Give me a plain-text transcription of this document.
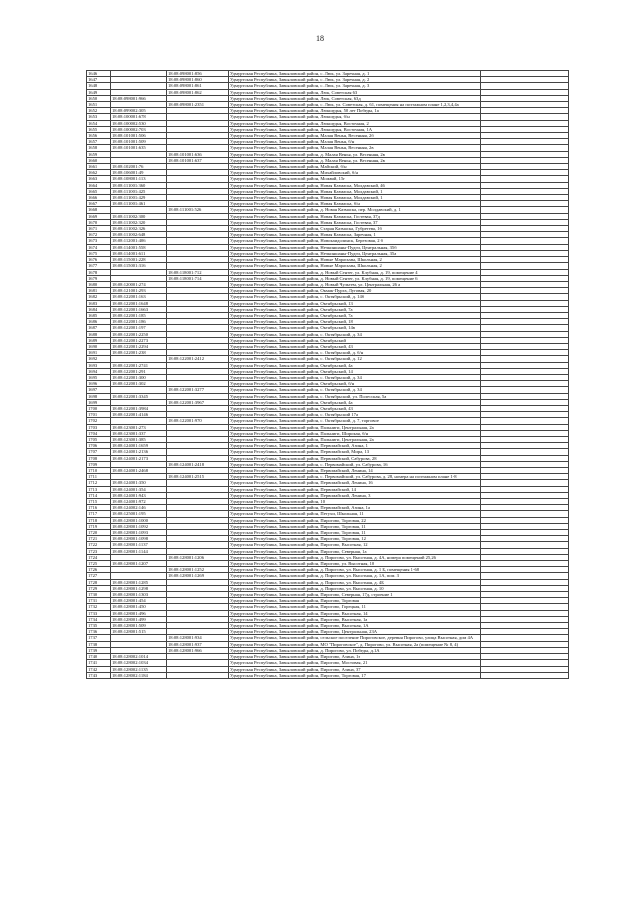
18
1646		18:08:098001:856	Удмуртская Республика, Завьяловский район, с. Люк, ул. Заречная, д. 1	
1647		18:08:098001:860	Удмуртская Республика, Завьяловский район, с. Люк, ул. Заречная, д. 2	
1648		18:08:098001:861	Удмуртская Республика, Завьяловский район, с. Люк, ул. Заречная, д. 3	
1649		18:08:098001:862	Удмуртская Республика, Завьяловский район, Люк, Советская 63	
1650	18:08:098001:966		Удмуртская Республика, Завьяловский район, Люк, Советская, 63д	
1651		18:08:098001:2351	Удмуртская Республика, Завьяловский район, с. Люк, ул. Советская, д. 61, помещения на поэтажном плане 1,2,3,4,4а	
1652	18:08:099002:305		Удмуртская Республика, Завьяловский район, Люкшудья, 50 лет Победы, 1а	
1653	18:08:100001:678		Удмуртская Республика, Завьяловский район, Люкшудья, б/н	
1654	18:08:100002:530		Удмуртская Республика, Завьяловский район, Люкшудья, Восточная, 2	
1655	18:08:100002:703		Удмуртская Республика, Завьяловский район, Люкшудья, Восточная, 1А	
1656	18:08:101001:506		Удмуртская Республика, Завьяловский район, Малая Венья, Весенняя, 2б	
1657	18:08:101001:509		Удмуртская Республика, Завьяловский район, Малая Венья, б/н	
1658	18:08:101001:635		Удмуртская Республика, Завьяловский район, Малая Венья, Весенняя, 2в	
1659		18:08:101001:636	Удмуртская Республика, Завьяловский район, д. Малая Венья, ул. Весенняя, 2в	
1660		18:08:101001:637	Удмуртская Республика, Завьяловский район, д. Малая Венья, ул. Весенняя, 2в	
1661	18:08:102001:76		Удмуртская Республика, Завьяловский район, Майский, б/н	
1662	18:08:106001:49		Удмуртская Республика, Завьяловский район, Михайловский, б/н	
1663	18:08:108001:113		Удмуртская Республика, Завьяловский район, Можвай, 15г	
1664	18:08:111001:360		Удмуртская Республика, Завьяловский район, Новая Казмаска, Молдавский, 46	
1665	18:08:111001:425		Удмуртская Республика, Завьяловский район, Новая Казмаска, Молдавский, 1	
1666	18:08:111001:429		Удмуртская Республика, Завьяловский район, Новая Казмаска, Молдавский, 1	
1667	18:08:111001:461		Удмуртская Республика, Завьяловский район, Новая Казмаска, б/н	
1668		18:08:111001:526	Удмуртская Республика, Завьяловский район, д. Новая Казмаска, пер. Молдавский, д. 1	
1669	18:08:111002:300		Удмуртская Республика, Завьяловский район, Новая Казмаска, Гостевая, 37д	
1670	18:08:111002:320		Удмуртская Республика, Завьяловский район, Новая Казмаска, Гостевая, 37	
1671	18:08:111002:326		Удмуртская Республика, Завьяловский район, Старая Казмаска, Губретева, 1б	
1672	18:08:111002:648		Удмуртская Республика, Завьяловский район, Новая Казмаска, Заречная, 1	
1673	18:08:112001:406		Удмуртская Республика, Завьяловский район, Новокаидолинск, Березовая, 2 б	
1674	18:08:114001:558		Удмуртская Республика, Завьяловский район, Нечкиншаны-Пудги, Центральная, 35б	
1675	18:08:114001:611		Удмуртская Республика, Завьяловский район, Нечкиншаны-Пудги, Центральная, 35а	
1676	18:08:115001:228		Удмуртская Республика, Завьяловский район, Новые Марасьмы, Школьная, 2	
1677	18:08:115001:316		Удмуртская Республика, Завьяловский район, Новые Марасьмы, Школьная, 2	
1678		18:08:118001:712	Удмуртская Республика, Завьяловский район, д. Новый Сентег, ул. Клубная, д. 19, помещение 4	
1679		18:08:118001:714	Удмуртская Республика, Завьяловский район, д. Новый Сентег, ул. Клубная, д. 19, помещение 6	
1680	18:08:120001:274		Удмуртская Республика, Завьяловский район, д. Новый Чультем, ул. Центральная, 26 а	
1681	18:08:121001:293		Удмуртская Республика, Завьяловский район, Окмак-Пурга, Луговая, 20	
1682	18:08:122001:163		Удмуртская Республика, Завьяловский район, с. Октябрьский, д. 14б	
1683	18:08:122001:1648		Удмуртская Республика, Завьяловский район, Октябрьский, 13	
1684	18:08:122001:1663		Удмуртская Республика, Завьяловский район, Октябрьский, 7а	
1685	18:08:122001:185		Удмуртская Республика, Завьяловский район, Октябрьский, 7а	
1686	18:08:122001:186		Удмуртская Республика, Завьяловский район, Октябрьский, 18	
1687	18:08:122001:197		Удмуртская Республика, Завьяловский район, Октябрьский, 14в	
1688	18:08:122001:2250		Удмуртская Республика, Завьяловский район, с. Октябрьский, д. 34	
1689	18:08:122001:2273		Удмуртская Республика, Завьяловский район, Октябрьский	
1690	18:08:122001:2294		Удмуртская Республика, Завьяловский район, Октябрьский, 43	
1691	18:08:122001:238		Удмуртская Республика, Завьяловский район, с. Октябрьский, д. б/н	
1692		18:08:122001:2412	Удмуртская Республика, Завьяловский район, с. Октябрьский, д. 12	
1693	18:08:122001:2741		Удмуртская Республика, Завьяловский район, Октябрьский, 4а	
1694	18:08:122001:291		Удмуртская Республика, Завьяловский район, Октябрьский, 14	
1695	18:08:122001:300		Удмуртская Республика, Завьяловский район, с. Октябрьский, д. 34	
1696	18:08:122001:302		Удмуртская Республика, Завьяловский район, Октябрьский, б/н	
1697		18:08:122001:3277	Удмуртская Республика, Завьяловский район, с. Октябрьский, д. 34	
1698	18:08:122001:3345		Удмуртская Республика, Завьяловский район, с. Октябрьский, ул. Полесская, 5а	
1699		18:08:122001:3967	Удмуртская Республика, Завьяловский район, Октябрьский, 4а	
1700	18:08:122001:3984		Удмуртская Республика, Завьяловский район, Октябрьский, 43	
1701	18:08:122001:4146		Удмуртская Республика, Завьяловский район, с. Октябрьский 17а	
1702		18:08:122001:970	Удмуртская Республика, Завьяловский район, с. Октябрьский, д. 7, торговое	
1703	18:08:123001:273		Удмуртская Республика, Завьяловский район, Пальниги, Центральная, 2а	
1704	18:08:123001:337		Удмуртская Республика, Завьяловский район, Пальниги, Широкая, б/н	
1705	18:08:123001:385		Удмуртская Республика, Завьяловский район, Пальниги, Центральная, 2а	
1706	18:08:124001:1659		Удмуртская Республика, Завьяловский район, Первомайский, Азина, 1	
1707	18:08:124001:2136		Удмуртская Республика, Завьяловский район, Первомайский, Мира, 13	
1708	18:08:124001:2173		Удмуртская Республика, Завьяловский район, Первомайский, Сабурова, 28	
1709		18:08:124001:2418	Удмуртская Республика, Завьяловский район, с. Первомайский, ул. Сабурова, 16	
1710	18:08:124001:2468		Удмуртская Республика, Завьяловский район, Первомайский, Ленина, 14	
1711		18:08:124001:2515	Удмуртская Республика, Завьяловский район, с. Первомайский, ул. Сабурова, д. 28, номера на поэтажном плане 1-8	
1712	18:08:124001:350		Удмуртская Республика, Завьяловский район, Первомайский, Ленина, 16	
1713	18:08:124001:354		Удмуртская Республика, Завьяловский район, Первомайский, 14	
1714	18:08:124001:943		Удмуртская Республика, Завьяловский район, Первомайский, Ленина, 3	
1715	18:08:124001:972		Удмуртская Республика, Завьяловский район, 10	
1716	18:08:124002:146		Удмуртская Республика, Завьяловский район, Первомайский, Азина, 1а	
1717	18:08:125001:195		Удмуртская Республика, Завьяловский район, Петухи, Школьная, 11	
1718	18:08:128001:1000		Удмуртская Республика, Завьяловский район, Пирогово, Торговая, 22	
1719	18:08:128001:1092		Удмуртская Республика, Завьяловский район, Пирогово, Торговая, 11	
1720	18:08:128001:1093		Удмуртская Республика, Завьяловский район, Пирогово, Торговая, 11	
1721	18:08:128001:1098		Удмуртская Республика, Завьяловский район, Пирогово, Торговая, 12	
1722	18:08:128001:1137		Удмуртская Республика, Завьяловский район, Пирогово, Высотная, 12	
1723	18:08:128001:1144		Удмуртская Республика, Завьяловский район, Пирогово, Северная, 1а	
1724		18:08:128001:1206	Удмуртская Республика, Завьяловский район, д. Пирогово, ул. Высотная, д. 4А, номера помещений 25,26	
1725	18:08:128001:1207		Удмуртская Республика, Завьяловский район, Пирогово, ул. Высотная, 10	
1726		18:08:128001:1252	Удмуртская Республика, Завьяловский район, д. Пирогово, ул. Высотная, д. 1 Б, помещения 1-68	
1727		18:08:128001:1269	Удмуртская Республика, Завьяловский район, д. Пирогово, ул. Высотная, д. 1А, пом. 3	
1728	18:08:128001:1285		Удмуртская Республика, Завьяловский район, д. Пирогово, ул. Высотная, д. 4Б	
1729	18:08:128001:1298		Удмуртская Республика, Завьяловский район, д. Пирогово, ул. Высотная, д. 10	
1730	18:08:128001:1303		Удмуртская Республика, Завьяловский район, Пирогово, Северная, 17д, строение 1	
1731	18:08:128001:454		Удмуртская Республика, Завьяловский район, Пирогово, Торговая	
1732	18:08:128001:450		Удмуртская Республика, Завьяловский район, Пирогово, Горецкая, 11	
1733	18:08:128001:496		Удмуртская Республика, Завьяловский район, Пирогово, Высотная, 14	
1734	18:08:128001:499		Удмуртская Республика, Завьяловский район, Пирогово, Высотная, 1а	
1735	18:08:128001:509		Удмуртская Республика, Завьяловский район, Пирогово, Высотная, 1А	
1736	18:08:128001:515		Удмуртская Республика, Завьяловский район, Пирогово, Центральная, 23А	
1737		18:08:128001:934	Удмуртская Республика, Завьяловский район, сельское поселение Пироговское, деревня Пирогово, улица Высотная, дом 4А	
1738		18:08:128001:937	Удмуртская Республика, Завьяловский район, МО "Пироговское", д. Пирогово, ул. Высотная, 2а (помещение № 8, 4)	
1739		18:08:128001:966	Удмуртская Республика, Завьяловский район, д. Пирогово, ул. Победы, д.1А	
1740	18:08:128002:1014		Удмуртская Республика, Завьяловский район, Пирогово, Азина, 1з	
1741	18:08:128002:1034		Удмуртская Республика, Завьяловский район, Пирогово, Мостовая, 21	
1742	18:08:128002:1135		Удмуртская Республика, Завьяловский район, Пирогово, Азина, 37	
1743	18:08:128002:1184		Удмуртская Республика, Завьяловский район, Пирогово, Торговая, 17	
